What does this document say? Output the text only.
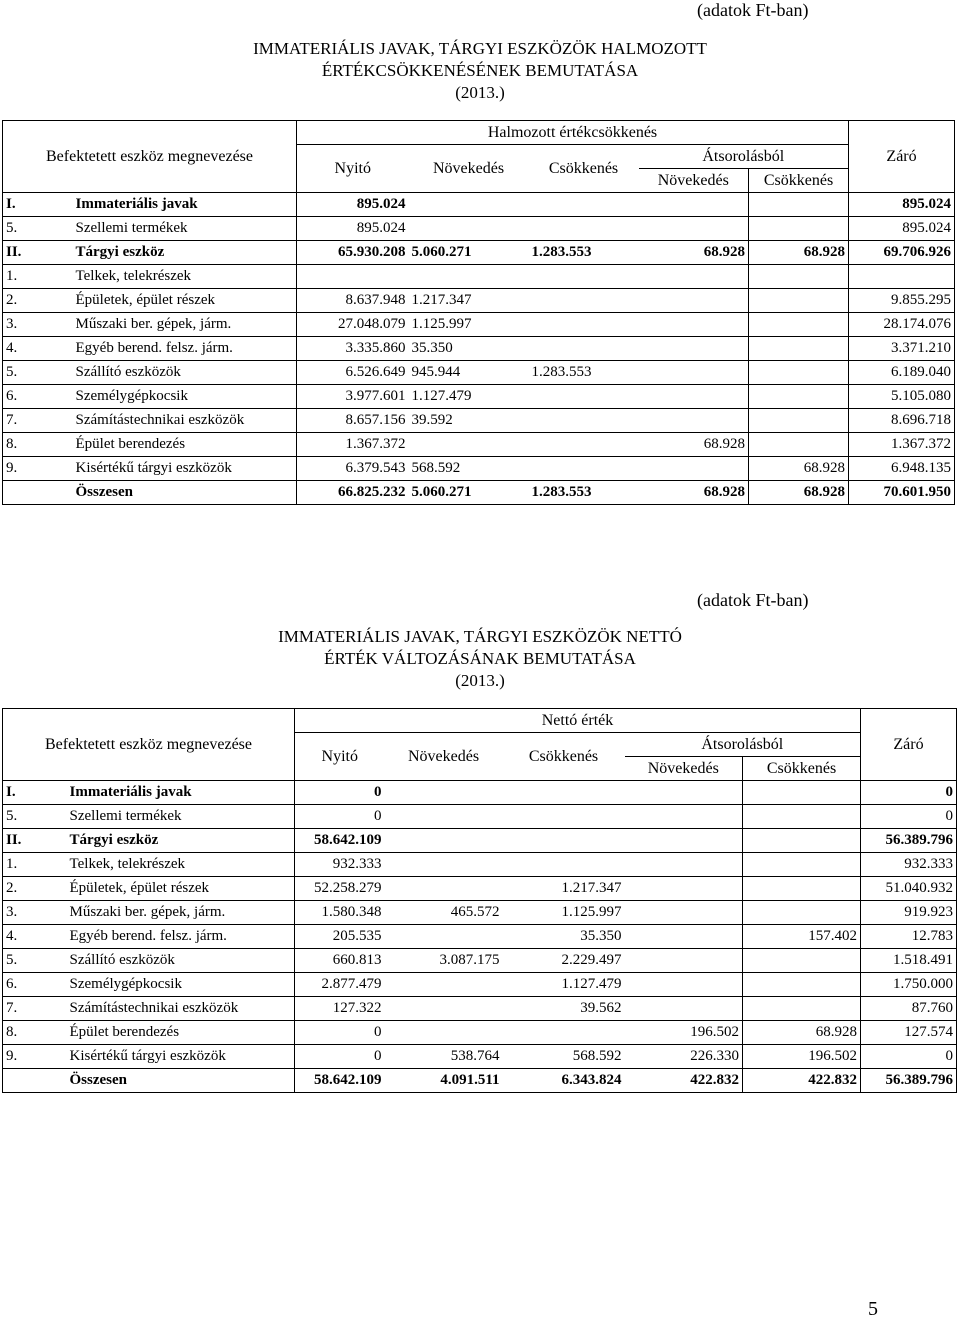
(adatok Ft-ban)
IMMATERIÁLIS JAVAK, TÁRGYI ESZKÖZÖK HALMOZOTT
ÉRTÉKCSÖKKENÉSÉNEK BEMUTATÁSA
(2013.)
Befektetett eszköz megnevezése		Halmozott értékcsökkenés					Záró
		Nyitó	Növekedés	Csökkenés	Átsorolásból		
					Növekedés	Csökkenés	
I.	Immateriális javak	895.024					895.024
5.	Szellemi termékek	895.024					895.024
II.	Tárgyi eszköz	65.930.208	5.060.271	1.283.553	68.928	68.928	69.706.926
1.	Telkek, telekrészek						
2.	Épületek, épület részek	8.637.948	1.217.347				9.855.295
3.	Műszaki ber. gépek, járm.	27.048.079	1.125.997				28.174.076
4.	Egyéb berend. felsz. járm.	3.335.860	35.350				3.371.210
5.	Szállító eszközök	6.526.649	945.944	1.283.553			6.189.040
6.	Személygépkocsik	3.977.601	1.127.479				5.105.080
7.	Számítástechnikai eszközök	8.657.156	39.592				8.696.718
8.	Épület berendezés	1.367.372			68.928		1.367.372
9.	Kisértékű tárgyi eszközök	6.379.543	568.592			68.928	6.948.135
	Összesen	66.825.232	5.060.271	1.283.553	68.928	68.928	70.601.950
(adatok Ft-ban)
IMMATERIÁLIS JAVAK, TÁRGYI ESZKÖZÖK NETTÓ
ÉRTÉK VÁLTOZÁSÁNAK BEMUTATÁSA
(2013.)
Befektetett eszköz megnevezése		Nettó érték					Záró
		Nyitó	Növekedés	Csökkenés	Átsorolásból		
					Növekedés	Csökkenés	
I.	Immateriális javak	0					0
5.	Szellemi termékek	0					0
II.	Tárgyi eszköz	58.642.109					56.389.796
1.	Telkek, telekrészek	932.333					932.333
2.	Épületek, épület részek	52.258.279		1.217.347			51.040.932
3.	Műszaki ber. gépek, járm.	1.580.348	465.572	1.125.997			919.923
4.	Egyéb berend. felsz. járm.	205.535		35.350		157.402	12.783
5.	Szállító eszközök	660.813	3.087.175	2.229.497			1.518.491
6.	Személygépkocsik	2.877.479		1.127.479			1.750.000
7.	Számítástechnikai eszközök	127.322		39.562			87.760
8.	Épület berendezés	0			196.502	68.928	127.574
9.	Kisértékű tárgyi eszközök	0	538.764	568.592	226.330	196.502	0
	Összesen	58.642.109	4.091.511	6.343.824	422.832	422.832	56.389.796
5
